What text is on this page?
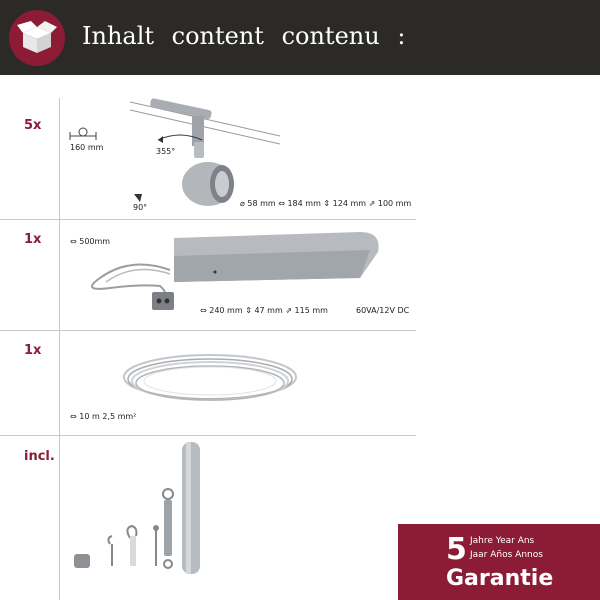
Inhalt content contenu :
5x
160 mm	355°
90°	⌀ 58 mm ⇔ 184 mm ⇕ 124 mm ⇗ 100 mm
1x	⇔ 500mm
⇔ 240 mm ⇕ 47 mm ⇗ 115 mm	60VA/12V DC
1x
⇔ 10 m 2,5 mm²
incl.
5 Jahre Year Ans
Jaar Años Annos
Garantie
